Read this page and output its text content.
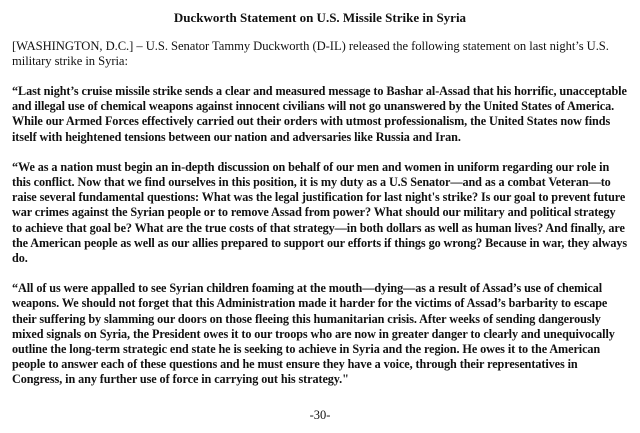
Duckworth Statement on U.S. Missile Strike in Syria

[WASHINGTON, D.C.] – U.S. Senator Tammy Duckworth (D-IL) released the following statement on last night’s U.S. military strike in Syria:

“Last night’s cruise missile strike sends a clear and measured message to Bashar al-Assad that his horrific, unacceptable and illegal use of chemical weapons against innocent civilians will not go unanswered by the United States of America. While our Armed Forces effectively carried out their orders with utmost professionalism, the United States now finds itself with heightened tensions between our nation and adversaries like Russia and Iran.

“We as a nation must begin an in-depth discussion on behalf of our men and women in uniform regarding our role in this conflict. Now that we find ourselves in this position, it is my duty as a U.S Senator—and as a combat Veteran—to raise several fundamental questions: What was the legal justification for last night's strike? Is our goal to prevent future war crimes against the Syrian people or to remove Assad from power? What should our military and political strategy to achieve that goal be? What are the true costs of that strategy—in both dollars as well as human lives? And finally, are the American people as well as our allies prepared to support our efforts if things go wrong? Because in war, they always do.

“All of us were appalled to see Syrian children foaming at the mouth—dying—as a result of Assad’s use of chemical weapons. We should not forget that this Administration made it harder for the victims of Assad’s barbarity to escape their suffering by slamming our doors on those fleeing this humanitarian crisis. After weeks of sending dangerously mixed signals on Syria, the President owes it to our troops who are now in greater danger to clearly and unequivocally outline the long-term strategic end state he is seeking to achieve in Syria and the region. He owes it to the American people to answer each of these questions and he must ensure they have a voice, through their representatives in Congress, in any further use of force in carrying out his strategy."

-30-
